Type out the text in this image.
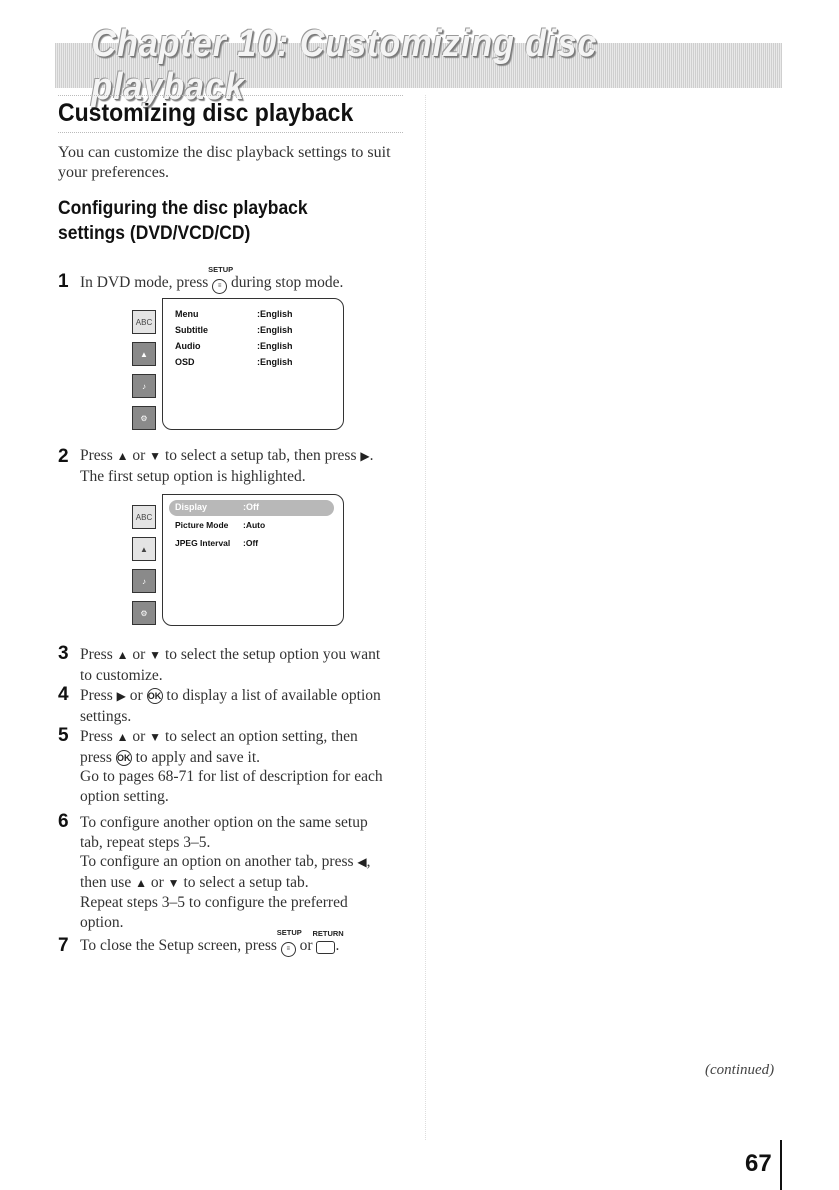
Chapter 10: Customizing disc playback
Customizing disc playback
You can customize the disc playback settings to suit
your preferences.
Configuring the disc playback
settings (DVD/VCD/CD)
1 In DVD mode, press
SETUP
≡ during stop mode.
ABC
▲
♪
⚙
Menu	:English
Subtitle	:English
Audio	:English
OSD	:English
2 Press ▲ or ▼ to select a setup tab, then press ▶.
The first setup option is highlighted.
ABC
▲
♪
⚙
Display	:Off
Picture Mode :Auto
JPEG Interval :Off
3 Press ▲ or ▼ to select the setup option you want
to customize.
4 Press ▶ or OK to display a list of available option
settings.
5 Press ▲ or ▼ to select an option setting, then
press OK to apply and save it.
Go to pages 68-71 for list of description for each
option setting.
6 To configure another option on the same setup
tab, repeat steps 3–5.
To configure an option on another tab, press ◀,
then use ▲ or ▼ to select a setup tab.
Repeat steps 3–5 to configure the preferred
option.
7 To close the Setup screen, press
SETUP
≡ or
RETURN
.
(continued)
67
